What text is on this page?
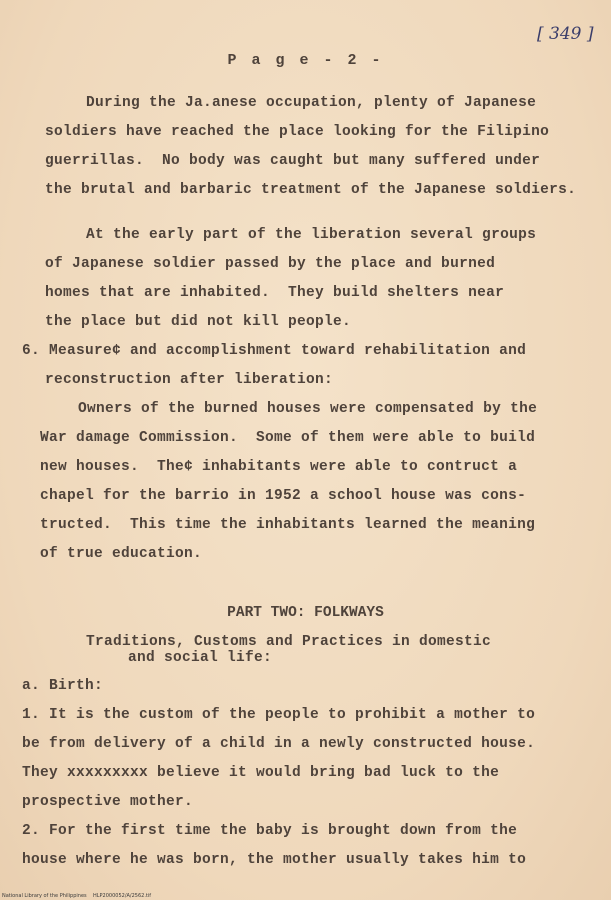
[ 349 ]
P a g e - 2 -
During the Ja.anese occupation, plenty of Japanese
soldiers have reached the place looking for the Filipino
guerrillas.  No body was caught but many suffered under
the brutal and barbaric treatment of the Japanese soldiers.
At the early part of the liberation several groups
of Japanese soldier passed by the place and burned
homes that are inhabited.  They build shelters near
the place but did not kill people.
6. Measure¢ and accomplishment toward rehabilitation and
reconstruction after liberation:
Owners of the burned houses were compensated by the
War damage Commission.  Some of them were able to build
new houses.  The¢ inhabitants were able to contruct a
chapel for the barrio in 1952 a school house was cons-
tructed.  This time the inhabitants learned the meaning
of true education.
PART TWO: FOLKWAYS
Traditions, Customs and Practices in domestic
and social life:
a. Birth:
1. It is the custom of the people to prohibit a mother to
be from delivery of a child in a newly constructed house.
They xxxxxxxxx believe it would bring bad luck to the
prospective mother.
2. For the first time the baby is brought down from the
house where he was born, the mother usually takes him to
National Library of the Philippines    HLP2000052/A/2562.tif
